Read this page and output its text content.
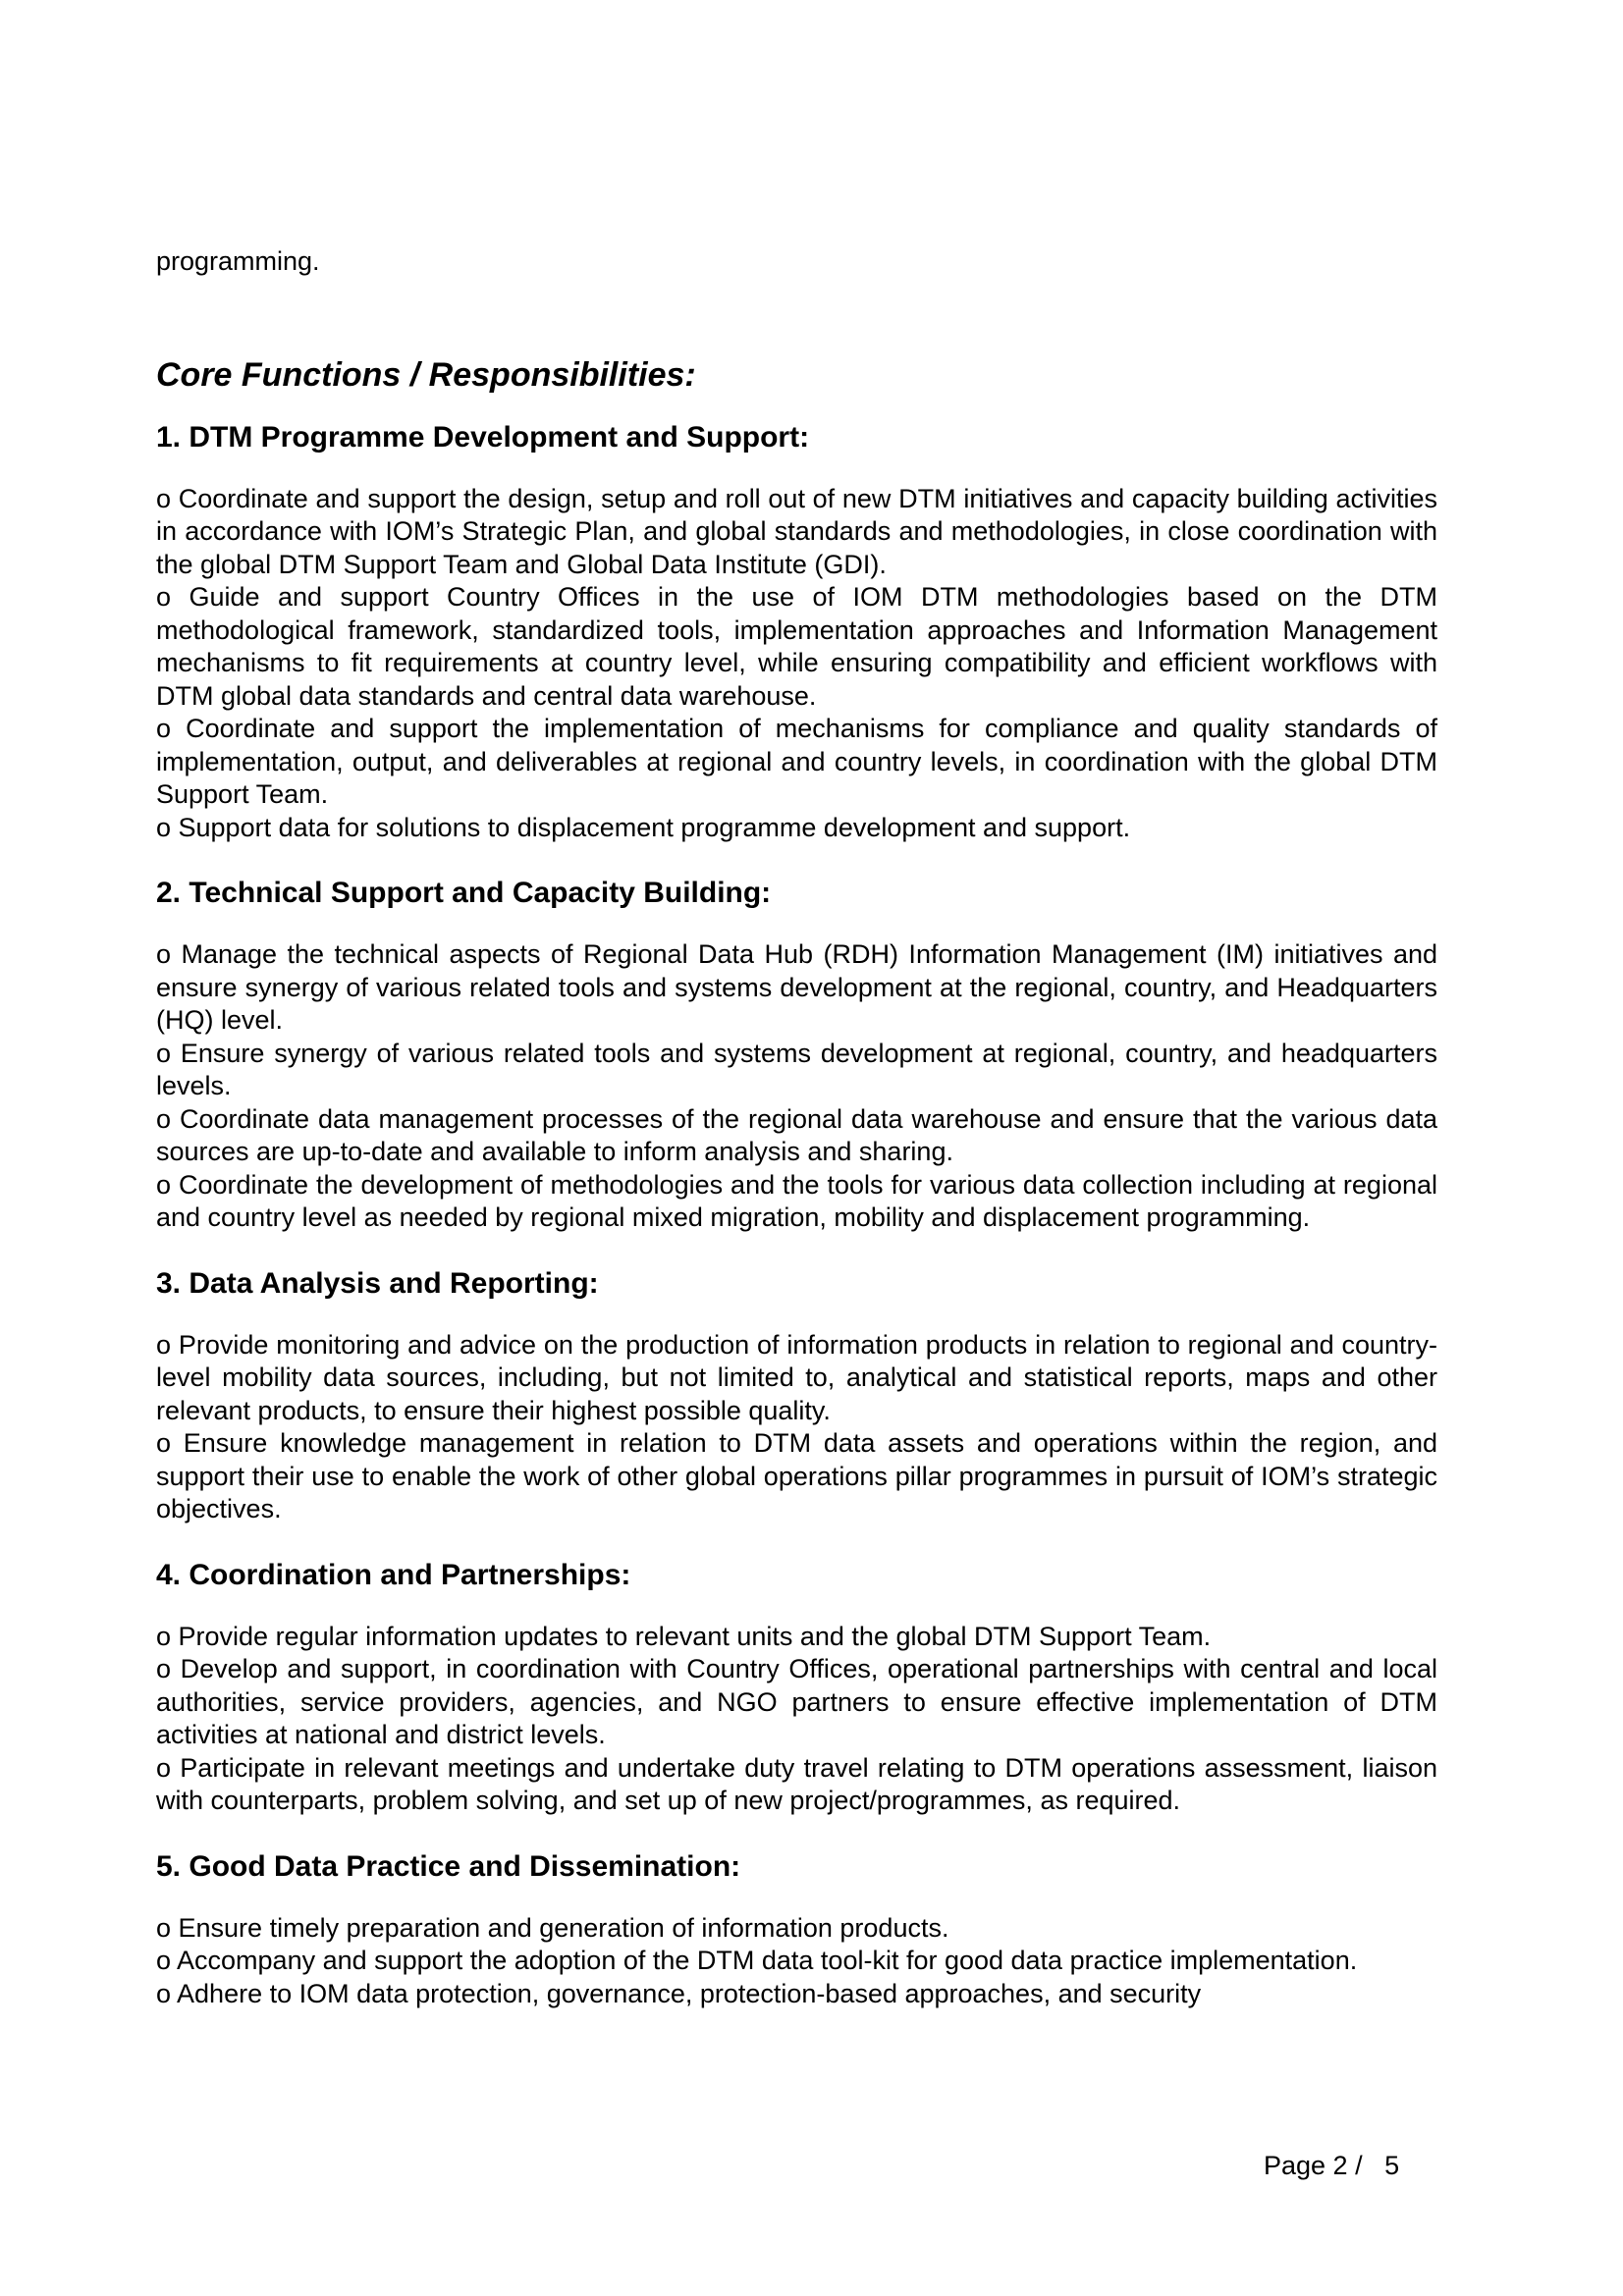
programming.

Core Functions / Responsibilities:
1. DTM Programme Development and Support:

o Coordinate and support the design, setup and roll out of new DTM initiatives and capacity building activities in accordance with IOM’s Strategic Plan, and global standards and methodologies, in close coordination with the global DTM Support Team and Global Data Institute (GDI).

o Guide and support Country Offices in the use of IOM DTM methodologies based on the DTM methodological framework, standardized tools, implementation approaches and Information Management mechanisms to fit requirements at country level, while ensuring compatibility and efficient workflows with DTM global data standards and central data warehouse.

o Coordinate and support the implementation of mechanisms for compliance and quality standards of implementation, output, and deliverables at regional and country levels, in coordination with the global DTM Support Team.

o Support data for solutions to displacement programme development and support.

2. Technical Support and Capacity Building:

o Manage the technical aspects of Regional Data Hub (RDH) Information Management (IM) initiatives and ensure synergy of various related tools and systems development at the regional, country, and Headquarters (HQ) level.

o Ensure synergy of various related tools and systems development at regional, country, and headquarters levels.

o Coordinate data management processes of the regional data warehouse and ensure that the various data sources are up-to-date and available to inform analysis and sharing.

o Coordinate the development of methodologies and the tools for various data collection including at regional and country level as needed by regional mixed migration, mobility and displacement programming.

3. Data Analysis and Reporting:

o Provide monitoring and advice on the production of information products in relation to regional and country-level mobility data sources, including, but not limited to, analytical and statistical reports, maps and other relevant products, to ensure their highest possible quality.

o Ensure knowledge management in relation to DTM data assets and operations within the region, and support their use to enable the work of other global operations pillar programmes in pursuit of IOM’s strategic objectives.

4. Coordination and Partnerships:

o Provide regular information updates to relevant units and the global DTM Support Team.

o Develop and support, in coordination with Country Offices, operational partnerships with central and local authorities, service providers, agencies, and NGO partners to ensure effective implementation of DTM activities at national and district levels.

o Participate in relevant meetings and undertake duty travel relating to DTM operations assessment, liaison with counterparts, problem solving, and set up of new project/programmes, as required.

5. Good Data Practice and Dissemination:

o Ensure timely preparation and generation of information products.

o Accompany and support the adoption of the DTM data tool-kit for good data practice implementation.

o Adhere to IOM data protection, governance, protection-based approaches, and security

Page 2 /   5
